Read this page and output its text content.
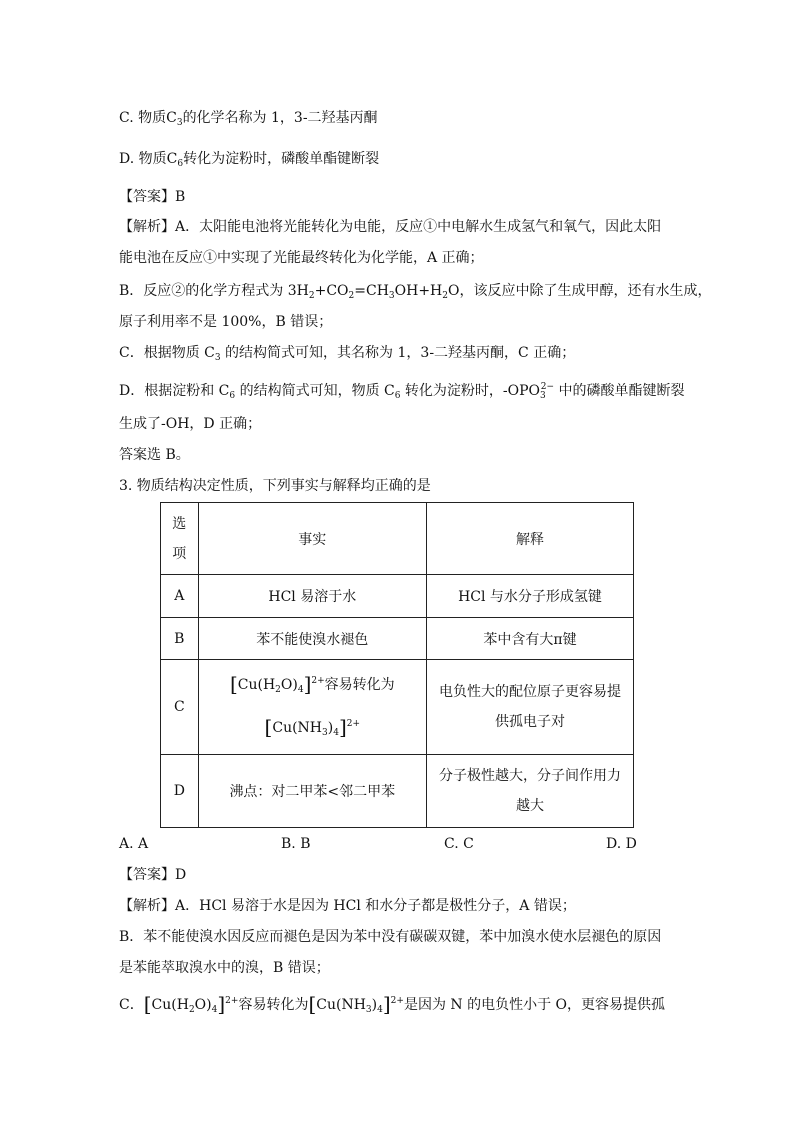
C. 物质$C_3$的化学名称为 1，3-二羟基丙酮
D. 物质$C_6$转化为淀粉时，磷酸单酯键断裂
【答案】B
【解析】A．太阳能电池将光能转化为电能，反应①中电解水生成氢气和氧气，因此太阳
能电池在反应①中实现了光能最终转化为化学能，A 正确；
B．反应②的化学方程式为 $3H_2+CO_2=CH_3OH+H_2O$，该反应中除了生成甲醇，还有水生成，
原子利用率不是 100%，B 错误；
C．根据物质 $C_3$ 的结构简式可知，其名称为 1，3-二羟基丙酮，C 正确；
D．根据淀粉和 $C_6$ 的结构简式可知，物质 $C_6$ 转化为淀粉时，$-OPO_3^{2-}$ 中的磷酸单酯键断裂
生成了-OH，D 正确；
答案选 B。
3. 物质结构决定性质，下列事实与解释均正确的是
选项	事实	解释
A	HCl 易溶于水	HCl 与水分子形成氢键
B	苯不能使溴水褪色	苯中含有大π键
C	$[Cu(H_2O)_4]^{2+}$容易转化为
$[Cu(NH_3)_4]^{2+}$	电负性大的配位原子更容易提供孤电子对
D	沸点：对二甲苯<邻二甲苯	分子极性越大，分子间作用力越大
A. A	B. B	C. C	D. D
【答案】D
【解析】A．HCl 易溶于水是因为 HCl 和水分子都是极性分子，A 错误；
B．苯不能使溴水因反应而褪色是因为苯中没有碳碳双键，苯中加溴水使水层褪色的原因
是苯能萃取溴水中的溴，B 错误；
C．$[Cu(H_2O)_4]^{2+}$容易转化为$[Cu(NH_3)_4]^{2+}$是因为 N 的电负性小于 O，更容易提供孤
